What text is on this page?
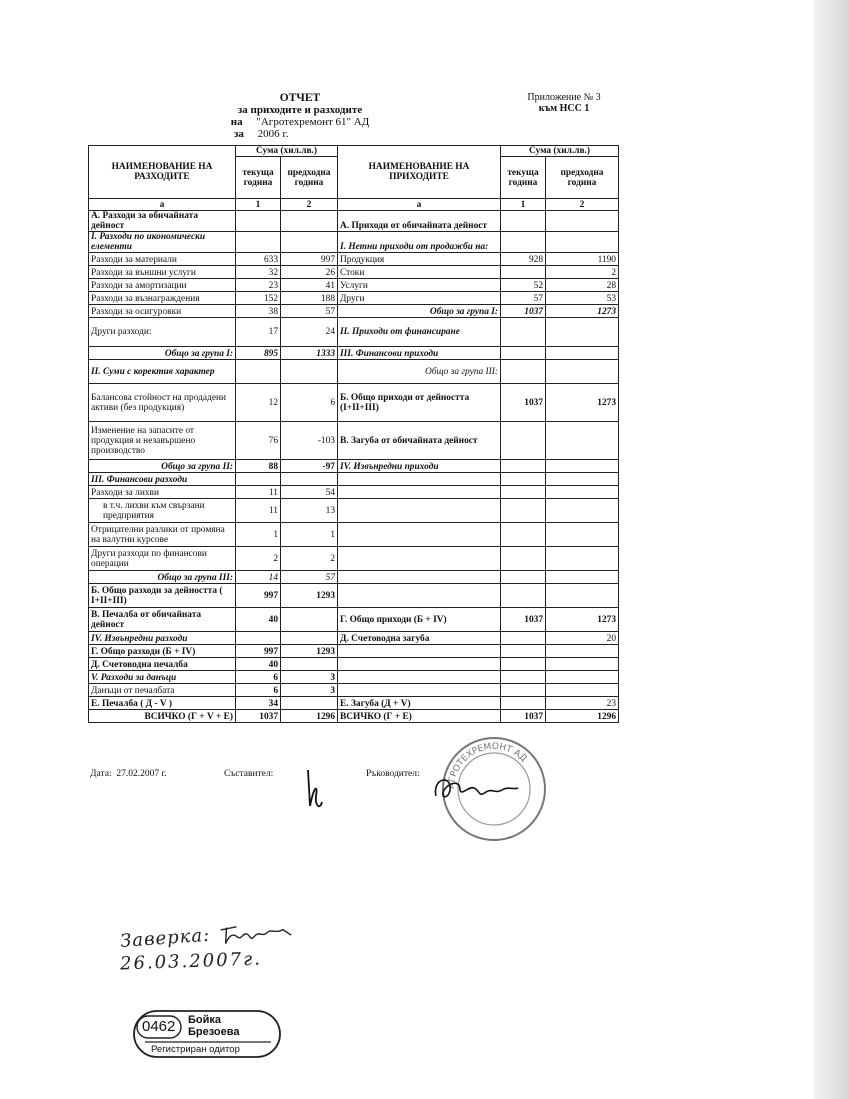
ОТЧЕТ
за приходите и разходите
на "Агротехремонт 61" АД
за 2006 г.
Приложение № 3
към НСС 1
НАИМЕНОВАНИЕ НА РАЗХОДИТЕ	Сума (хил.лв.)		НАИМЕНОВАНИЕ НА ПРИХОДИТЕ	Сума (хил.лв.)	
	текуща година	предходна година		текуща година	предходна година
а	1	2	а	1	2
А. Разходи за обичайната дейност			А. Приходи от обичайната дейност		
I. Разходи по икономически елементи			I. Нетни приходи от продажби на:		
Разходи за материали	633	997	Продукция	928	1190
Разходи за външни услуги	32	26	Стоки		2
Разходи за амортизации	23	41	Услуги	52	28
Разходи за възнаграждения	152	188	Други	57	53
Разходи за осигуровки	38	57	Общо за група I:	1037	1273
Други разходи:	17	24	II. Приходи от финансиране		
Общо за група I:	895	1333	III. Финансови приходи		
II. Суми с коректив характер			Общо за група III:		
Балансова стойност на продадени активи (без продукция)	12	6	Б. Общо приходи от дейността (I+II+III)	1037	1273
Изменение на запасите от продукция и незавършено производство	76	-103	В. Загуба от обичайната дейност		
Общо за група II:	88	-97	IV. Извънредни приходи		
III. Финансови разходи					
Разходи за лихви	11	54			
в т.ч. лихви към свързани предприятия	11	13			
Отрицателни разлики от промяна на валутни курсове	1	1			
Други разходи по финансови операции	2	2			
Общо за група III:	14	57			
Б. Общо разходи за дейността ( I+II+III)	997	1293			
В. Печалба от обичайната дейност	40		Г. Общо приходи (Б + IV)	1037	1273
IV. Извънредни разходи			Д. Счетоводна загуба		20
Г. Общо разходи (Б + IV)	997	1293			
Д. Счетоводна печалба	40				
V. Разходи за данъци	6	3			
Данъци от печалбата	6	3			
Е. Печалба ( Д - V )	34		Е. Загуба (Д + V)		23
ВСИЧКО (Г + V + Е)	1037	1296	ВСИЧКО (Г + Е)	1037	1296
Дата: 27.02.2007 г.	Съставител:	Ръководител:
АГРОТЕХРЕМОНТ АД
Заверка:
26.03.2007г.
0462 Бойка
Брезоева
Регистриран одитор
